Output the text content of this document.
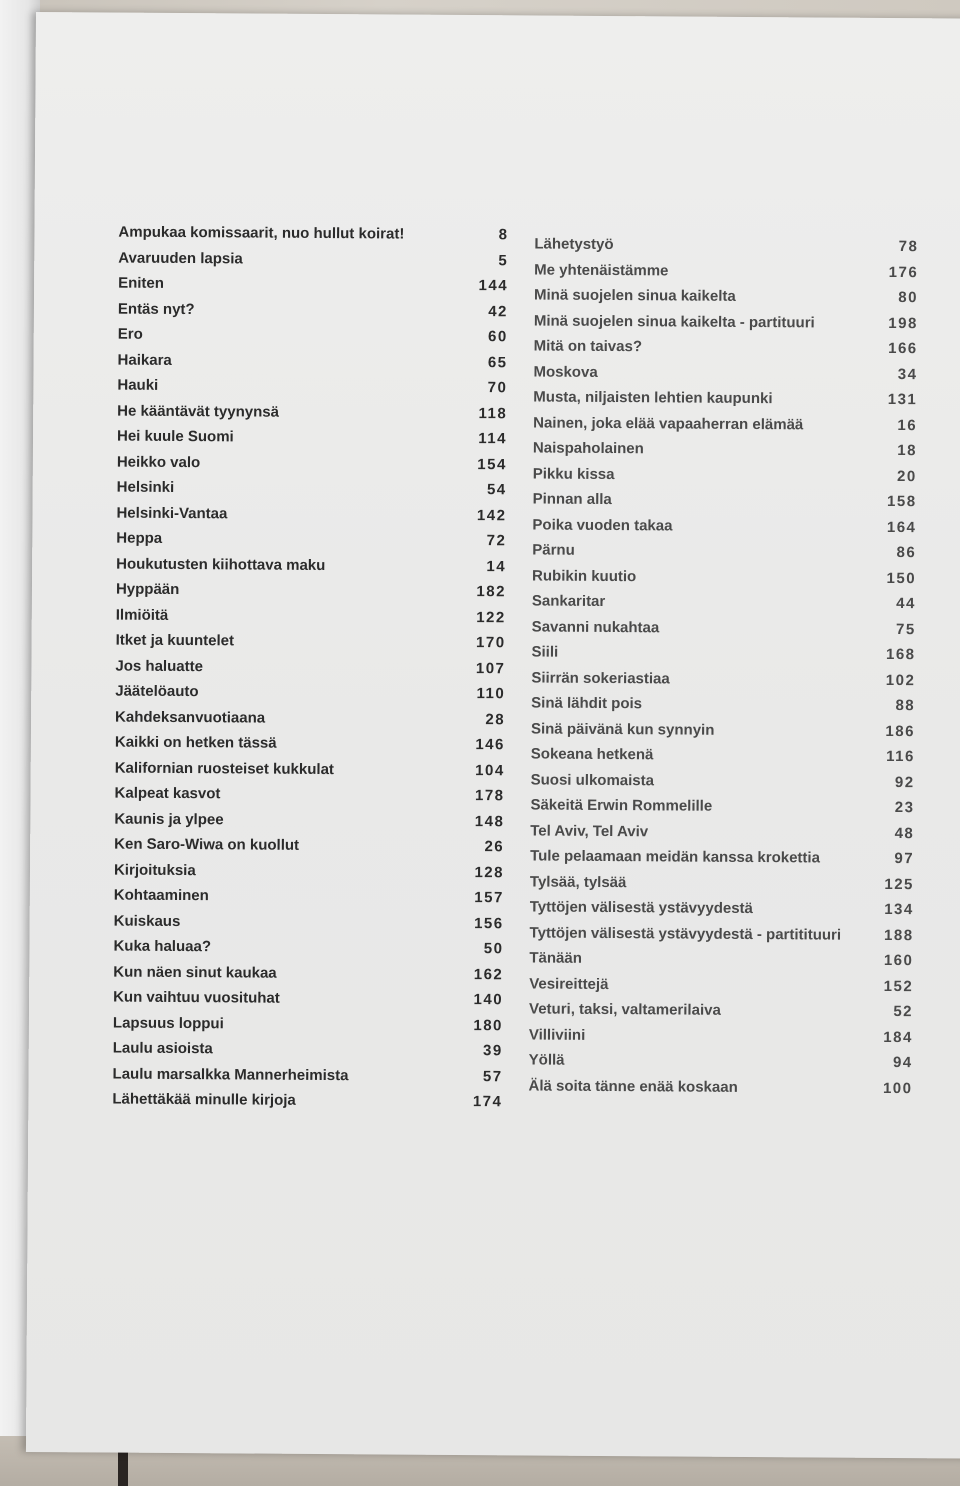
Ampukaa komissaarit, nuo hullut koirat!	8
Avaruuden lapsia	5
Eniten	144
Entäs nyt?	42
Ero	60
Haikara	65
Hauki	70
He kääntävät tyynynsä	118
Hei kuule Suomi	114
Heikko valo	154
Helsinki	54
Helsinki-Vantaa	142
Heppa	72
Houkutusten kiihottava maku	14
Hyppään	182
Ilmiöitä	122
Itket ja kuuntelet	170
Jos haluatte	107
Jäätelöauto	110
Kahdeksanvuotiaana	28
Kaikki on hetken tässä	146
Kalifornian ruosteiset kukkulat	104
Kalpeat kasvot	178
Kaunis ja ylpee	148
Ken Saro-Wiwa on kuollut	26
Kirjoituksia	128
Kohtaaminen	157
Kuiskaus	156
Kuka haluaa?	50
Kun näen sinut kaukaa	162
Kun vaihtuu vuosituhat	140
Lapsuus loppui	180
Laulu asioista	39
Laulu marsalkka Mannerheimista	57
Lähettäkää minulle kirjoja	174
Lähetystyö	78
Me yhtenäistämme	176
Minä suojelen sinua kaikelta	80
Minä suojelen sinua kaikelta - partituuri	198
Mitä on taivas?	166
Moskova	34
Musta, niljaisten lehtien kaupunki	131
Nainen, joka elää vapaaherran elämää	16
Naispaholainen	18
Pikku kissa	20
Pinnan alla	158
Poika vuoden takaa	164
Pärnu	86
Rubikin kuutio	150
Sankaritar	44
Savanni nukahtaa	75
Siili	168
Siirrän sokeriastiaa	102
Sinä lähdit pois	88
Sinä päivänä kun synnyin	186
Sokeana hetkenä	116
Suosi ulkomaista	92
Säkeitä Erwin Rommelille	23
Tel Aviv, Tel Aviv	48
Tule pelaamaan meidän kanssa krokettia	97
Tylsää, tylsää	125
Tyttöjen välisestä ystävyydestä	134
Tyttöjen välisestä ystävyydestä - partitituuri	188
Tänään	160
Vesireittejä	152
Veturi, taksi, valtamerilaiva	52
Villiviini	184
Yöllä	94
Älä soita tänne enää koskaan	100
